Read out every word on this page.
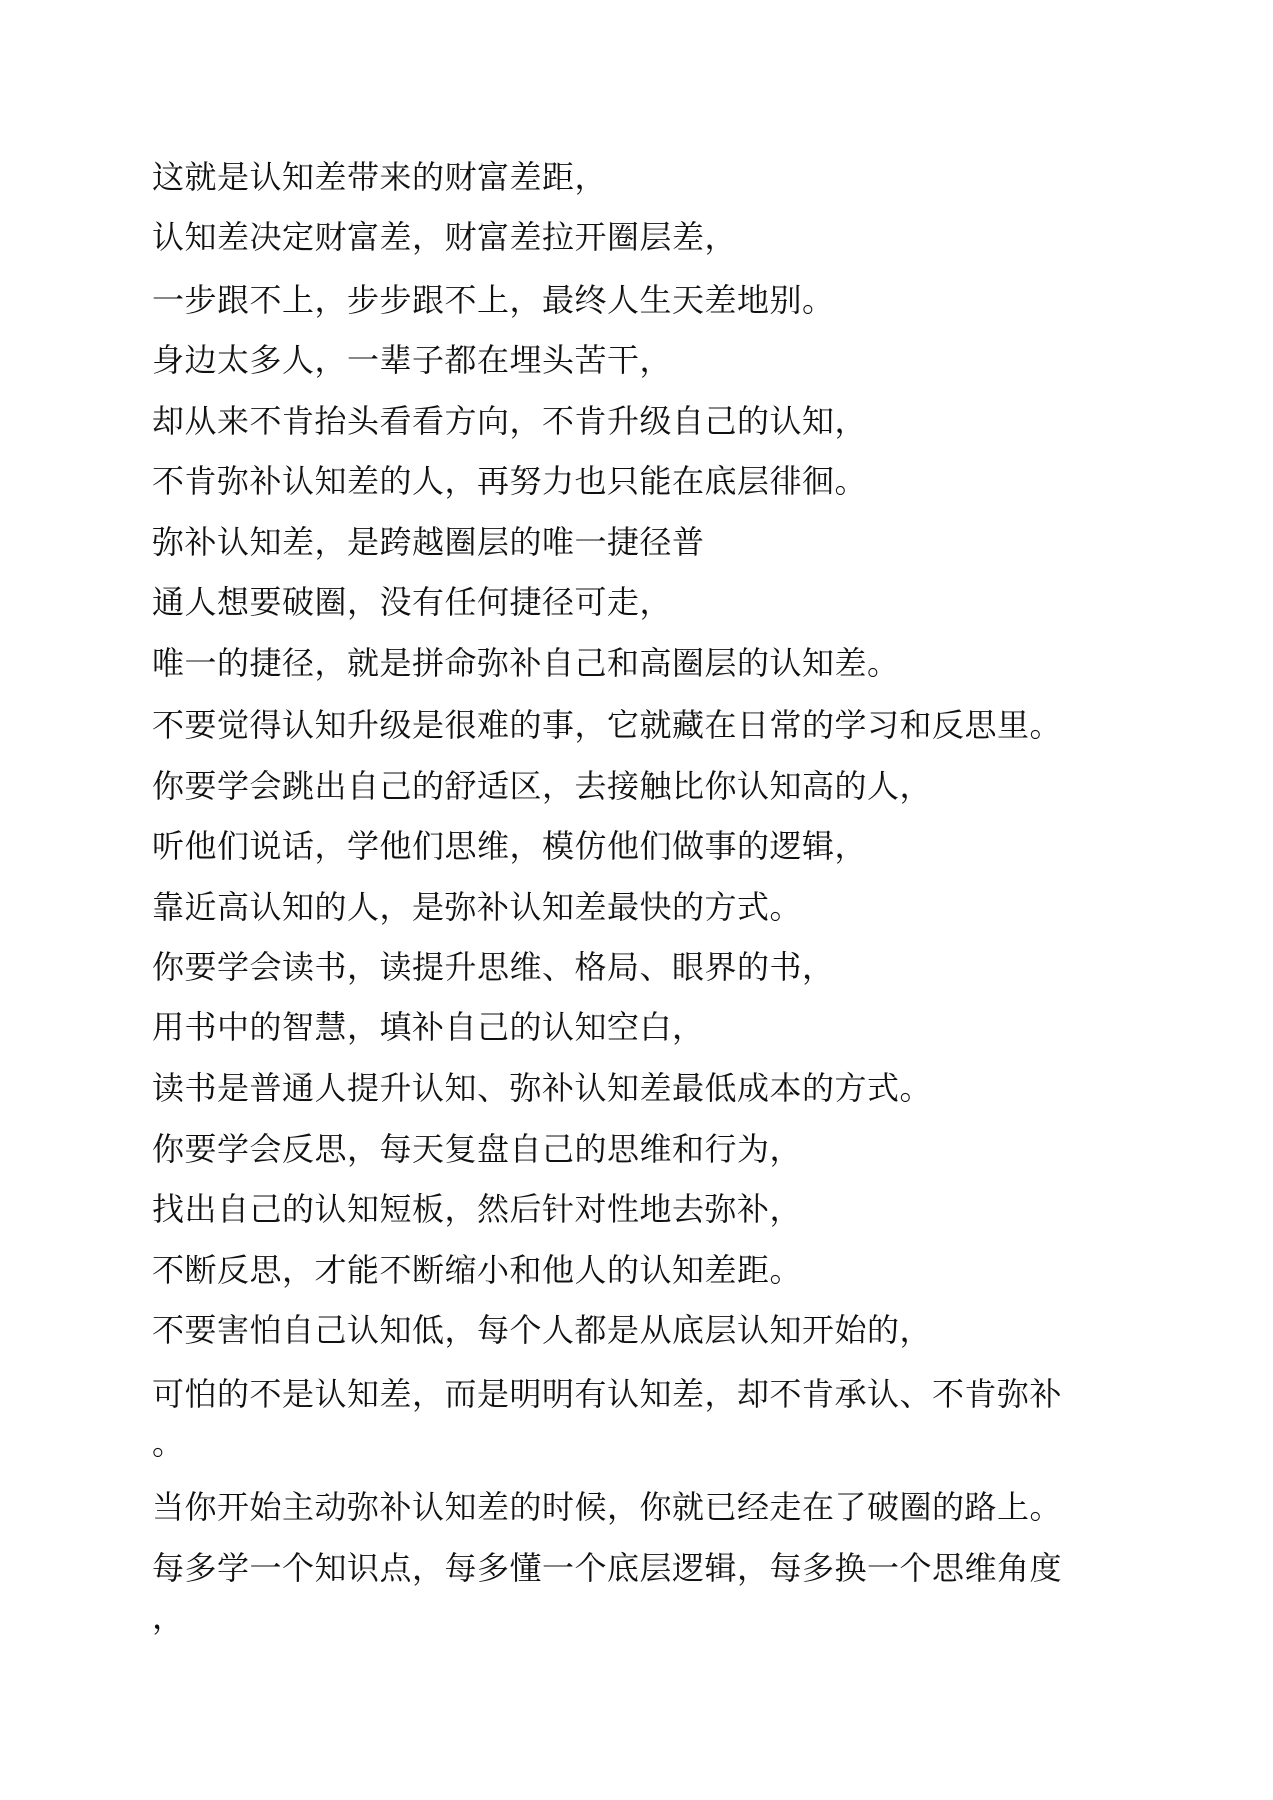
这就是认知差带来的财富差距，

认知差决定财富差，财富差拉开圈层差，

一步跟不上，步步跟不上，最终人生天差地别。

身边太多人，一辈子都在埋头苦干，

却从来不肯抬头看看方向，不肯升级自己的认知，

不肯弥补认知差的人，再努力也只能在底层徘徊。

弥补认知差，是跨越圈层的唯一捷径普

通人想要破圈，没有任何捷径可走，

唯一的捷径，就是拼命弥补自己和高圈层的认知差。

不要觉得认知升级是很难的事，它就藏在日常的学习和反思里。

你要学会跳出自己的舒适区，去接触比你认知高的人，

听他们说话，学他们思维，模仿他们做事的逻辑，

靠近高认知的人，是弥补认知差最快的方式。

你要学会读书，读提升思维、格局、眼界的书，

用书中的智慧，填补自己的认知空白，

读书是普通人提升认知、弥补认知差最低成本的方式。

你要学会反思，每天复盘自己的思维和行为，

找出自己的认知短板，然后针对性地去弥补，

不断反思，才能不断缩小和他人的认知差距。

不要害怕自己认知低，每个人都是从底层认知开始的，

可怕的不是认知差，而是明明有认知差，却不肯承认、不肯弥补

。

当你开始主动弥补认知差的时候，你就已经走在了破圈的路上。

每多学一个知识点，每多懂一个底层逻辑，每多换一个思维角度

，
